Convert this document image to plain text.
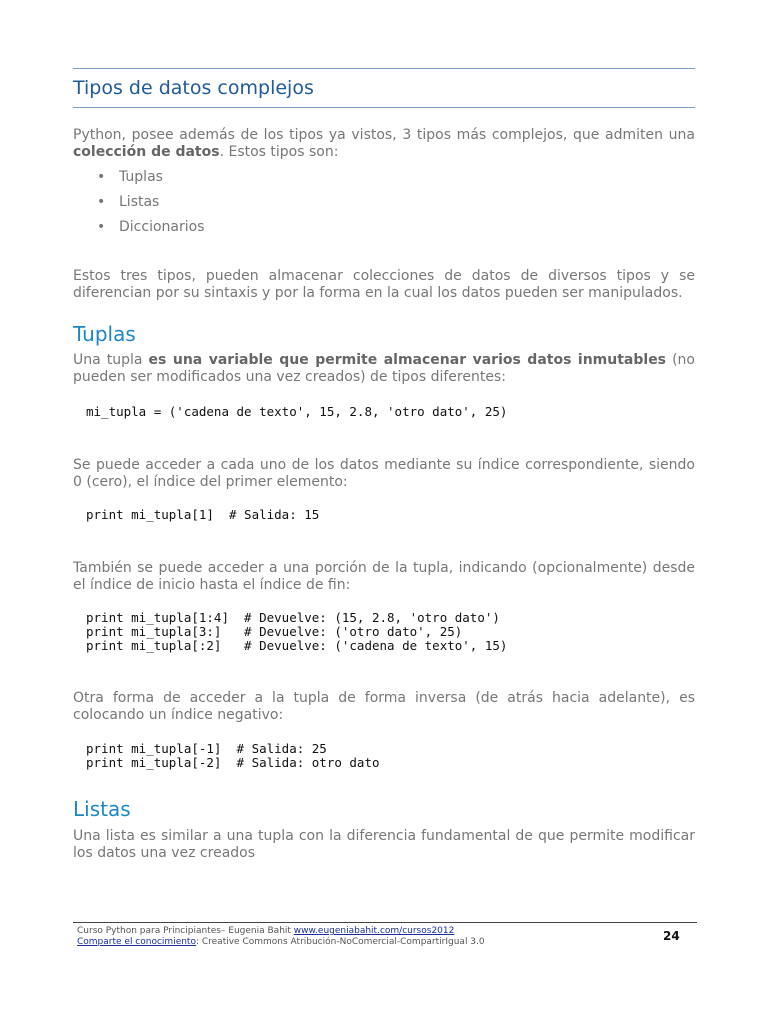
Tipos de datos complejos
Python, posee además de los tipos ya vistos, 3 tipos más complejos, que admiten una colección de datos. Estos tipos son:
• Tuplas
• Listas
• Diccionarios
Estos tres tipos, pueden almacenar colecciones de datos de diversos tipos y se diferencian por su sintaxis y por la forma en la cual los datos pueden ser manipulados.
Tuplas
Una tupla es una variable que permite almacenar varios datos inmutables (no pueden ser modificados una vez creados) de tipos diferentes:
mi_tupla = ('cadena de texto', 15, 2.8, 'otro dato', 25)
Se puede acceder a cada uno de los datos mediante su índice correspondiente, siendo 0 (cero), el índice del primer elemento:
print mi_tupla[1]  # Salida: 15
También se puede acceder a una porción de la tupla, indicando (opcionalmente) desde el índice de inicio hasta el índice de fin:
print mi_tupla[1:4]  # Devuelve: (15, 2.8, 'otro dato')
print mi_tupla[3:]   # Devuelve: ('otro dato', 25)
print mi_tupla[:2]   # Devuelve: ('cadena de texto', 15)
Otra forma de acceder a la tupla de forma inversa (de atrás hacia adelante), es colocando un índice negativo:
print mi_tupla[-1]  # Salida: 25
print mi_tupla[-2]  # Salida: otro dato
Listas
Una lista es similar a una tupla con la diferencia fundamental de que permite modificar los datos una vez creados
Curso Python para Principiantes– Eugenia Bahit www.eugeniabahit.com/cursos2012
Comparte el conocimiento: Creative Commons Atribución-NoComercial-CompartirIgual 3.0	24
